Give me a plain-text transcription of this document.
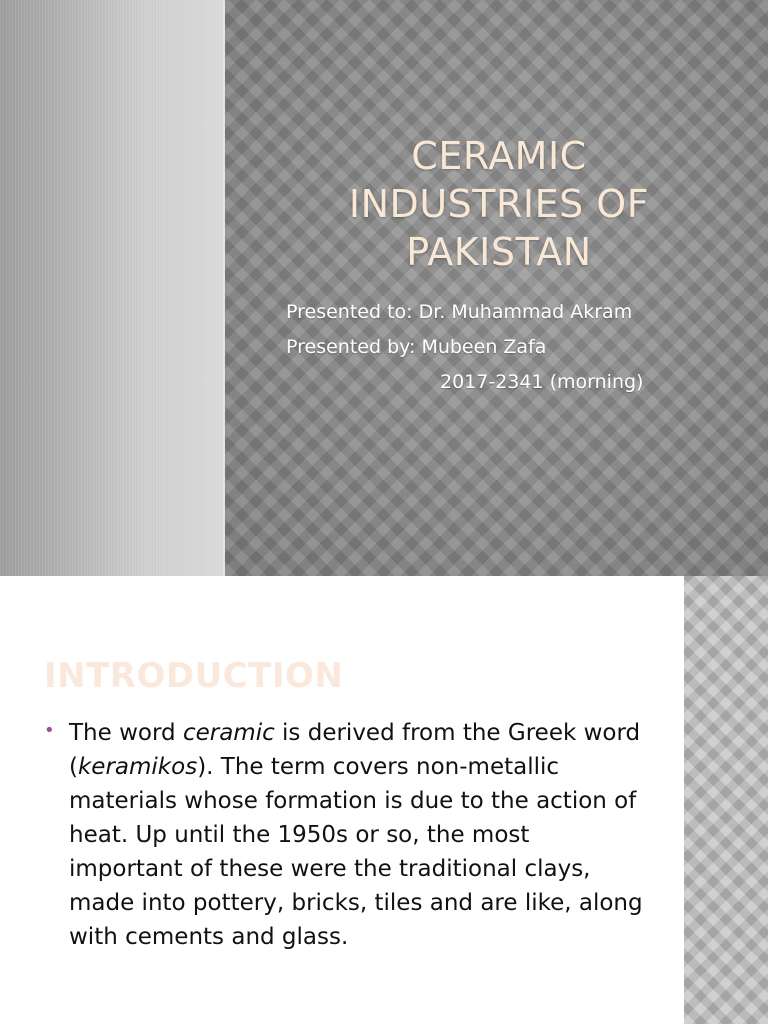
CERAMIC INDUSTRIES OF PAKISTAN
Presented to: Dr. Muhammad Akram
Presented by: Mubeen Zafa
2017-2341 (morning)
INTRODUCTION
• The word ceramic is derived from the Greek word (keramikos). The term covers non-metallic materials whose formation is due to the action of heat. Up until the 1950s or so, the most important of these were the traditional clays, made into pottery, bricks, tiles and are like, along with cements and glass.
